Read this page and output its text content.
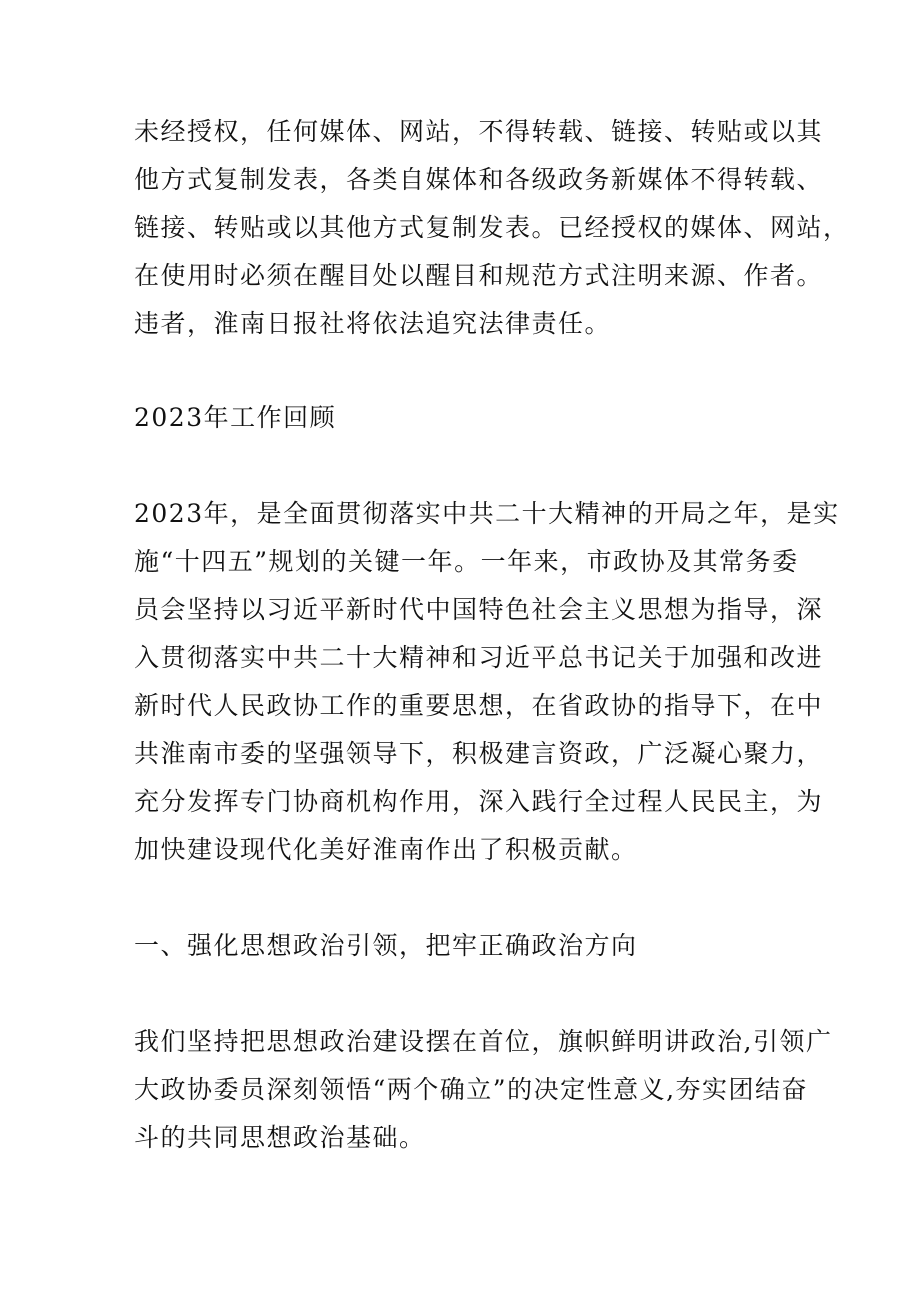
未经授权，任何媒体、网站，不得转载、链接、转贴或以其
他方式复制发表，各类自媒体和各级政务新媒体不得转载、
链接、转贴或以其他方式复制发表。已经授权的媒体、网站，
在使用时必须在醒目处以醒目和规范方式注明来源、作者。
违者，淮南日报社将依法追究法律责任。

2023年工作回顾

2023年，是全面贯彻落实中共二十大精神的开局之年，是实
施“十四五”规划的关键一年。一年来，市政协及其常务委
员会坚持以习近平新时代中国特色社会主义思想为指导，深
入贯彻落实中共二十大精神和习近平总书记关于加强和改进
新时代人民政协工作的重要思想，在省政协的指导下，在中
共淮南市委的坚强领导下，积极建言资政，广泛凝心聚力，
充分发挥专门协商机构作用，深入践行全过程人民民主，为
加快建设现代化美好淮南作出了积极贡献。

一、强化思想政治引领，把牢正确政治方向

我们坚持把思想政治建设摆在首位，旗帜鲜明讲政治,引领广
大政协委员深刻领悟“两个确立”的决定性意义,夯实团结奋
斗的共同思想政治基础。
